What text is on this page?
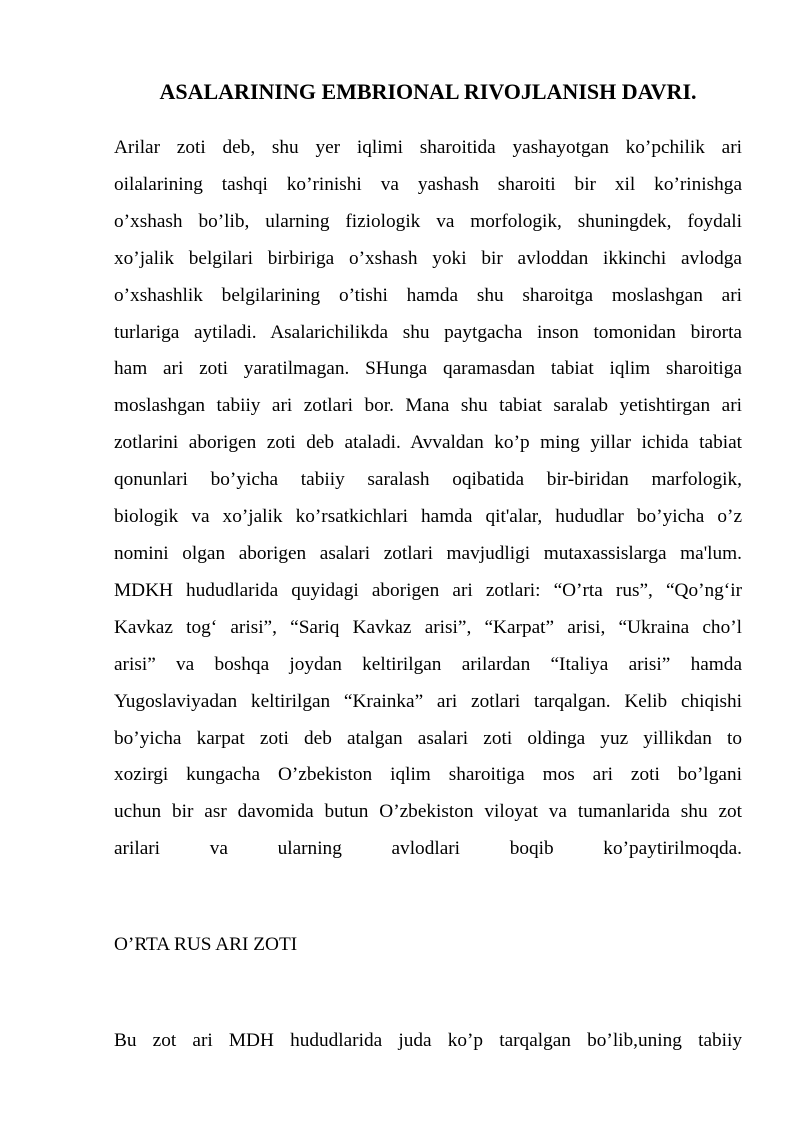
ASALARINING EMBRIONAL RIVOJLANISH DAVRI.
Arilar zoti deb, shu yer iqlimi sharoitida yashayotgan ko’pchilik ari
oilalarining tashqi ko’rinishi va yashash sharoiti bir xil ko’rinishga
o’xshash bo’lib, ularning fiziologik va morfologik, shuningdek, foydali
xo’jalik belgilari birbiriga o’xshash yoki bir avloddan ikkinchi avlodga
o’xshashlik belgilarining o’tishi hamda shu sharoitga moslashgan ari
turlariga aytiladi. Asalarichilikda shu paytgacha inson tomonidan birorta
ham ari zoti yaratilmagan. SHunga qaramasdan tabiat iqlim sharoitiga
moslashgan tabiiy ari zotlari bor. Mana shu tabiat saralab yetishtirgan ari
zotlarini aborigen zoti deb ataladi. Avvaldan ko’p ming yillar ichida tabiat
qonunlari bo’yicha tabiiy saralash oqibatida bir-biridan marfologik,
biologik va xo’jalik ko’rsatkichlari hamda qit'alar, hududlar bo’yicha o’z
nomini olgan aborigen asalari zotlari mavjudligi mutaxassislarga ma'lum.
MDKH hududlarida quyidagi aborigen ari zotlari: “O’rta rus”, “Qo’ng‘ir
Kavkaz tog‘ arisi”, “Sariq Kavkaz arisi”, “Karpat” arisi, “Ukraina cho’l
arisi” va boshqa joydan keltirilgan arilardan “Italiya arisi” hamda
Yugoslaviyadan keltirilgan “Krainka” ari zotlari tarqalgan. Kelib chiqishi
bo’yicha karpat zoti deb atalgan asalari zoti oldinga yuz yillikdan to
xozirgi kungacha O’zbekiston iqlim sharoitiga mos ari zoti bo’lgani
uchun bir asr davomida butun O’zbekiston viloyat va tumanlarida shu zot
arilari va ularning avlodlari boqib ko’paytirilmoqda.
O’RTA RUS ARI ZOTI
Bu zot ari MDH hududlarida juda ko’p tarqalgan bo’lib,uning tabiiy
